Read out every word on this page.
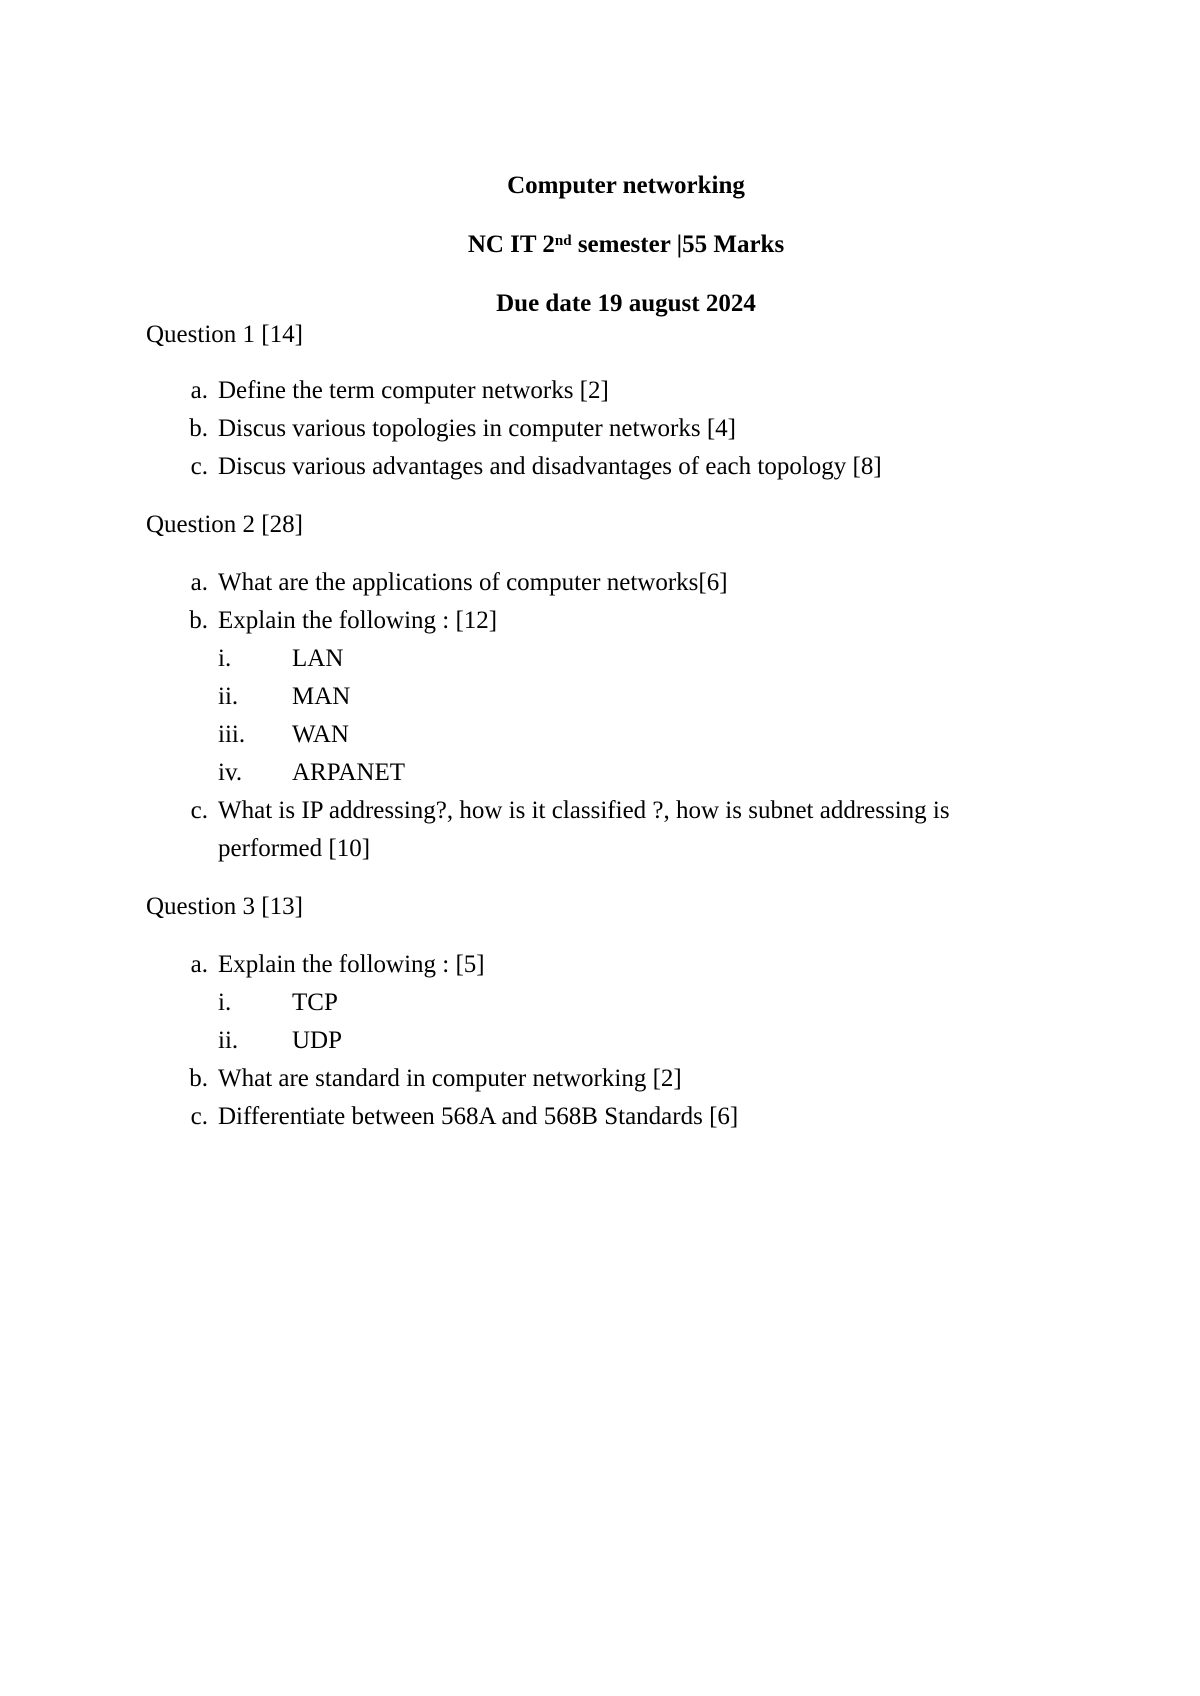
Computer networking
NC IT 2nd semester |55 Marks
Due date 19 august 2024
Question 1 [14]
a. Define the term computer networks [2]
b. Discus various topologies in computer networks [4]
c. Discus various advantages and disadvantages of each topology [8]
Question 2 [28]
a. What are the applications of computer networks[6]
b. Explain the following : [12]
i.	LAN
ii.	MAN
iii.	WAN
iv.	ARPANET
c. What is IP addressing?, how is it classified ?, how is subnet addressing is
performed [10]
Question 3 [13]
a. Explain the following : [5]
i.	TCP
ii.	UDP
b. What are standard in computer networking [2]
c. Differentiate between 568A and 568B Standards [6]
